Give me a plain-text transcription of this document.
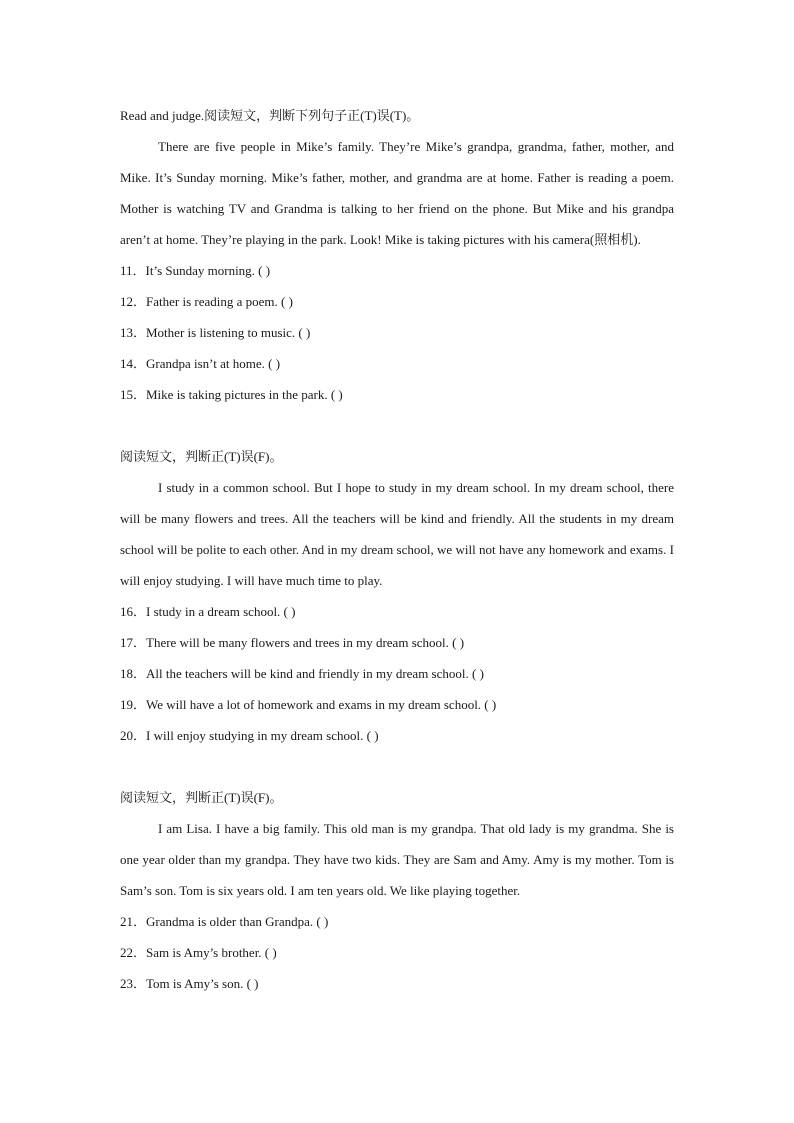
Read and judge.阅读短文，判断下列句子正(T)误(T)。

There are five people in Mike’s family. They’re Mike’s grandpa, grandma, father, mother, and Mike. It’s Sunday morning. Mike’s father, mother, and grandma are at home. Father is reading a poem. Mother is watching TV and Grandma is talking to her friend on the phone. But Mike and his grandpa aren’t at home. They’re playing in the park. Look! Mike is taking pictures with his camera(照相机).

11．It’s Sunday morning. ( )
12．Father is reading a poem. ( )
13．Mother is listening to music. ( )
14．Grandpa isn’t at home. ( )
15．Mike is taking pictures in the park. ( )
阅读短文，判断正(T)误(F)。

I study in a common school. But I hope to study in my dream school. In my dream school, there will be many flowers and trees. All the teachers will be kind and friendly. All the students in my dream school will be polite to each other. And in my dream school, we will not have any homework and exams. I will enjoy studying. I will have much time to play.

16．I study in a dream school. ( )
17．There will be many flowers and trees in my dream school. ( )
18．All the teachers will be kind and friendly in my dream school. ( )
19．We will have a lot of homework and exams in my dream school. ( )
20．I will enjoy studying in my dream school. ( )
阅读短文，判断正(T)误(F)。

I am Lisa. I have a big family. This old man is my grandpa. That old lady is my grandma. She is one year older than my grandpa. They have two kids. They are Sam and Amy. Amy is my mother. Tom is Sam’s son. Tom is six years old. I am ten years old. We like playing together.

21．Grandma is older than Grandpa. ( )
22．Sam is Amy’s brother. ( )
23．Tom is Amy’s son. ( )
